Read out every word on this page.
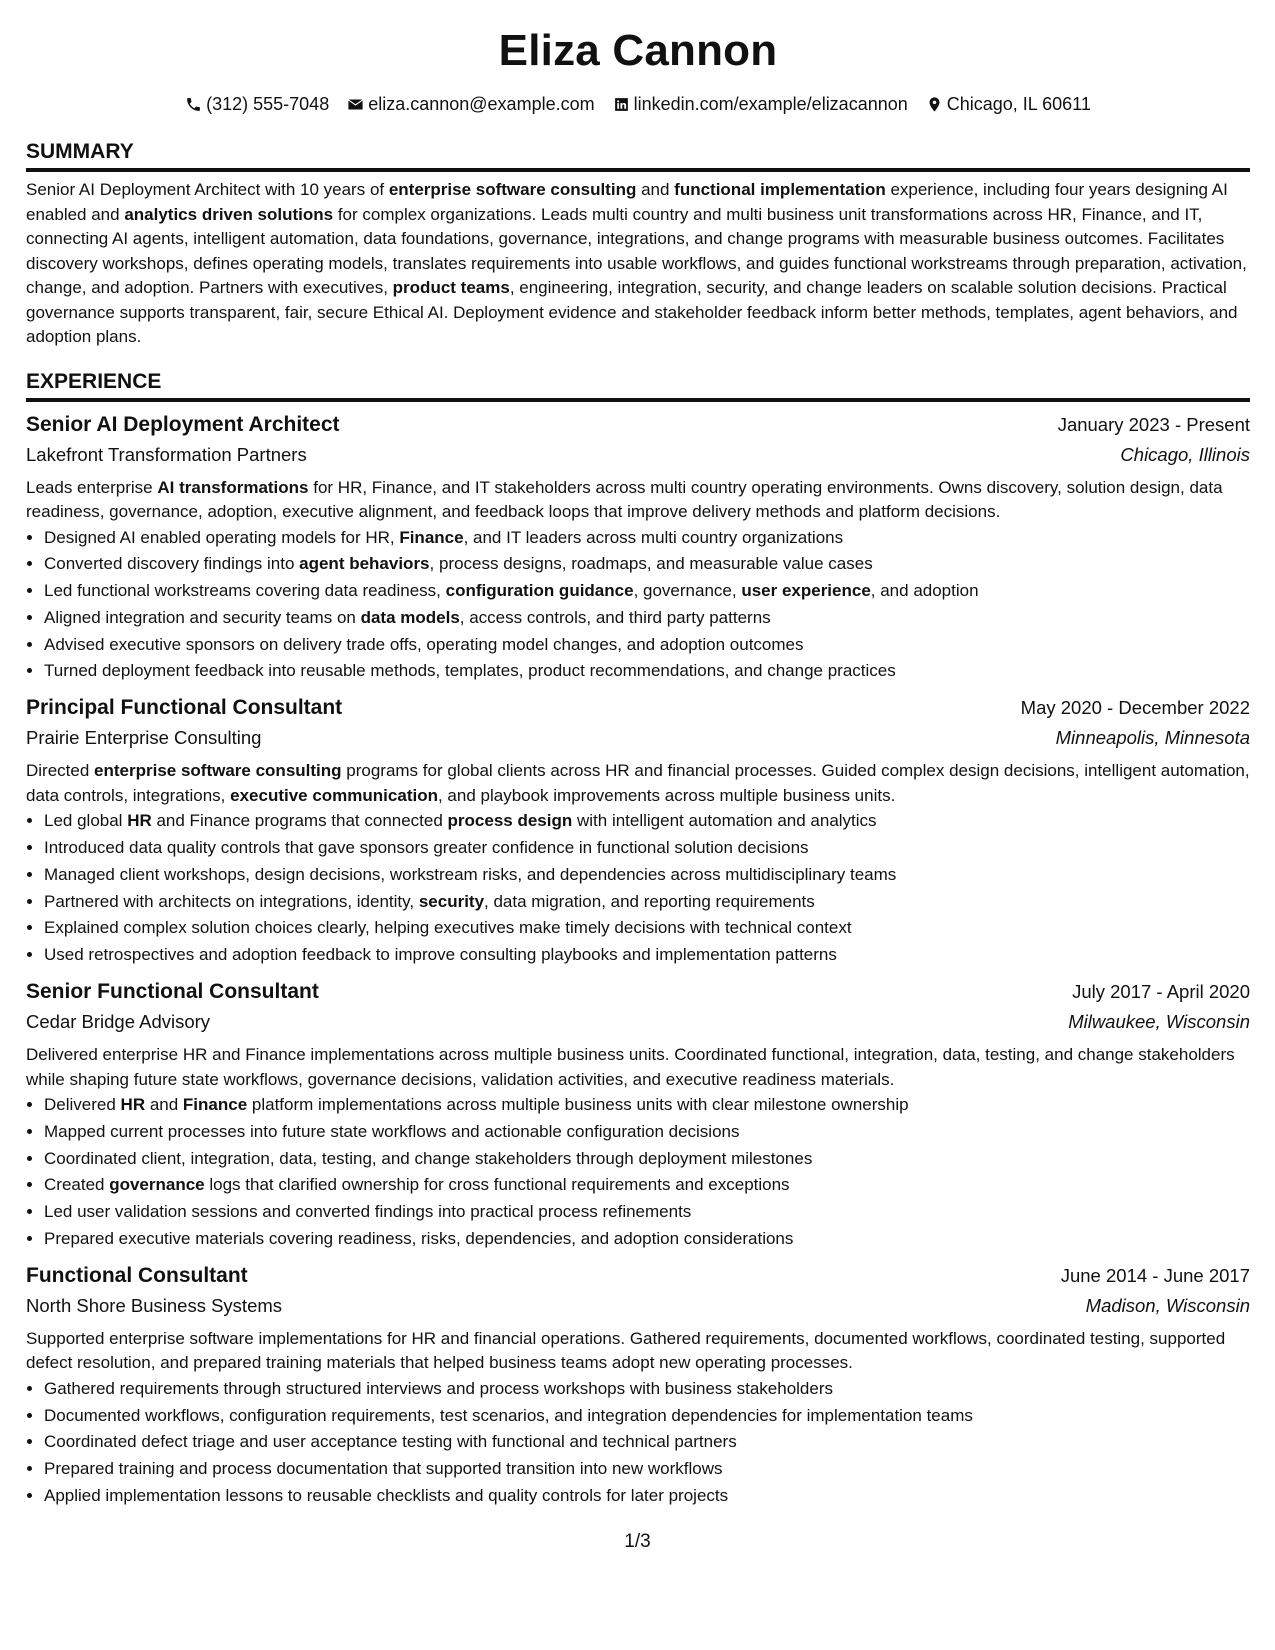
Eliza Cannon
(312) 555-7048 eliza.cannon@example.com linkedin.com/example/elizacannon Chicago, IL 60611
SUMMARY

Senior AI Deployment Architect with 10 years of enterprise software consulting and functional implementation experience, including four years designing AI enabled and analytics driven solutions for complex organizations. Leads multi country and multi business unit transformations across HR, Finance, and IT, connecting AI agents, intelligent automation, data foundations, governance, integrations, and change programs with measurable business outcomes. Facilitates discovery workshops, defines operating models, translates requirements into usable workflows, and guides functional workstreams through preparation, activation, change, and adoption. Partners with executives, product teams, engineering, integration, security, and change leaders on scalable solution decisions. Practical governance supports transparent, fair, secure Ethical AI. Deployment evidence and stakeholder feedback inform better methods, templates, agent behaviors, and adoption plans.

EXPERIENCE
Senior AI Deployment Architect	January 2023 - Present
Lakefront Transformation Partners	Chicago, Illinois

Leads enterprise AI transformations for HR, Finance, and IT stakeholders across multi country operating environments. Owns discovery, solution design, data readiness, governance, adoption, executive alignment, and feedback loops that improve delivery methods and platform decisions.

• Designed AI enabled operating models for HR, Finance, and IT leaders across multi country organizations
• Converted discovery findings into agent behaviors, process designs, roadmaps, and measurable value cases
• Led functional workstreams covering data readiness, configuration guidance, governance, user experience, and adoption
• Aligned integration and security teams on data models, access controls, and third party patterns
• Advised executive sponsors on delivery trade offs, operating model changes, and adoption outcomes
• Turned deployment feedback into reusable methods, templates, product recommendations, and change practices
Principal Functional Consultant	May 2020 - December 2022
Prairie Enterprise Consulting	Minneapolis, Minnesota

Directed enterprise software consulting programs for global clients across HR and financial processes. Guided complex design decisions, intelligent automation, data controls, integrations, executive communication, and playbook improvements across multiple business units.

• Led global HR and Finance programs that connected process design with intelligent automation and analytics
• Introduced data quality controls that gave sponsors greater confidence in functional solution decisions
• Managed client workshops, design decisions, workstream risks, and dependencies across multidisciplinary teams
• Partnered with architects on integrations, identity, security, data migration, and reporting requirements
• Explained complex solution choices clearly, helping executives make timely decisions with technical context
• Used retrospectives and adoption feedback to improve consulting playbooks and implementation patterns
Senior Functional Consultant	July 2017 - April 2020
Cedar Bridge Advisory	Milwaukee, Wisconsin

Delivered enterprise HR and Finance implementations across multiple business units. Coordinated functional, integration, data, testing, and change stakeholders while shaping future state workflows, governance decisions, validation activities, and executive readiness materials.

• Delivered HR and Finance platform implementations across multiple business units with clear milestone ownership
• Mapped current processes into future state workflows and actionable configuration decisions
• Coordinated client, integration, data, testing, and change stakeholders through deployment milestones
• Created governance logs that clarified ownership for cross functional requirements and exceptions
• Led user validation sessions and converted findings into practical process refinements
• Prepared executive materials covering readiness, risks, dependencies, and adoption considerations
Functional Consultant	June 2014 - June 2017
North Shore Business Systems	Madison, Wisconsin

Supported enterprise software implementations for HR and financial operations. Gathered requirements, documented workflows, coordinated testing, supported defect resolution, and prepared training materials that helped business teams adopt new operating processes.

• Gathered requirements through structured interviews and process workshops with business stakeholders
• Documented workflows, configuration requirements, test scenarios, and integration dependencies for implementation teams
• Coordinated defect triage and user acceptance testing with functional and technical partners
• Prepared training and process documentation that supported transition into new workflows
• Applied implementation lessons to reusable checklists and quality controls for later projects
1/3
